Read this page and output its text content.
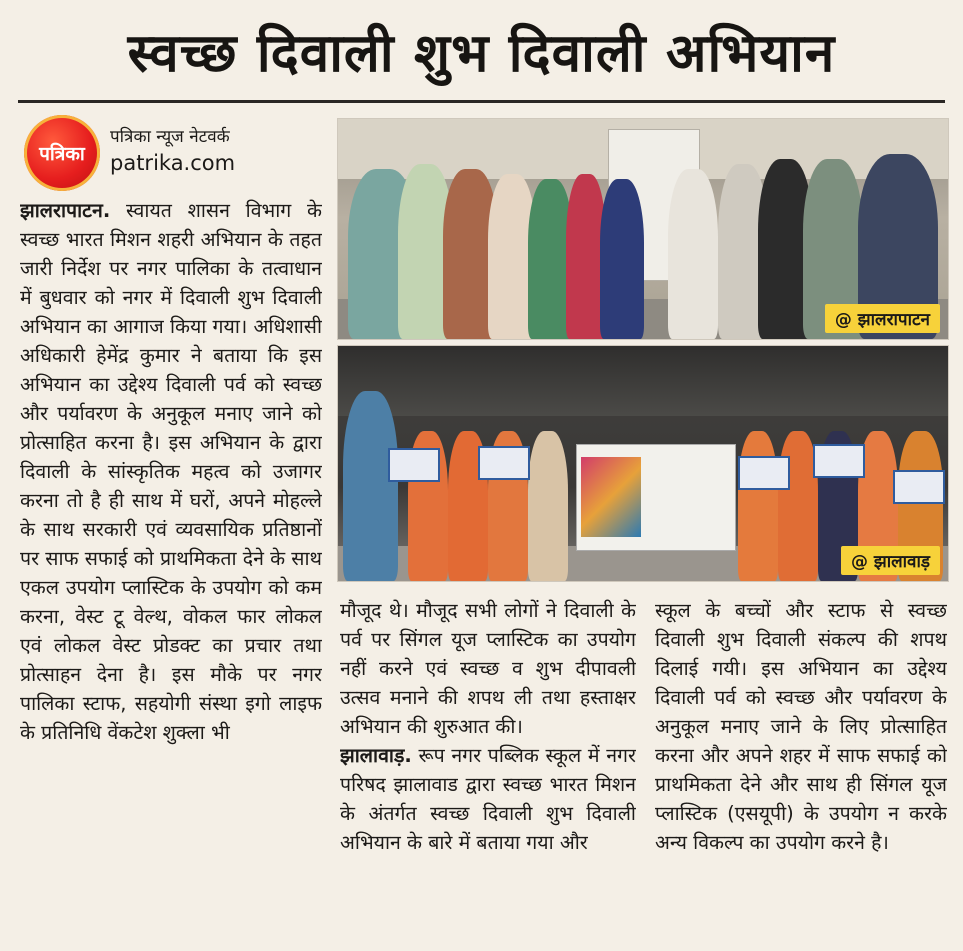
स्वच्छ दिवाली शुभ दिवाली अभियान
पत्रिका
पत्रिका न्यूज नेटवर्क
patrika.com

झालरापाटन. स्वायत शासन विभाग के स्वच्छ भारत मिशन शहरी अभियान के तहत जारी निर्देश पर नगर पालिका के तत्वाधान में बुधवार को नगर में दिवाली शुभ दिवाली अभियान का आगाज किया गया। अधिशासी अधिकारी हेमेंद्र कुमार ने बताया कि इस अभियान का उद्देश्य दिवाली पर्व को स्वच्छ और पर्यावरण के अनुकूल मनाए जाने को प्रोत्साहित करना है। इस अभियान के द्वारा दिवाली के सांस्कृतिक महत्व को उजागर करना तो है ही साथ में घरों, अपने मोहल्ले के साथ सरकारी एवं व्यवसायिक प्रतिष्ठानों पर साफ सफाई को प्राथमिकता देने के साथ एकल उपयोग प्लास्टिक के उपयोग को कम करना, वेस्ट टू वेल्थ, वोकल फार लोकल एवं लोकल वेस्ट प्रोडक्ट का प्रचार तथा प्रोत्साहन देना है। इस मौके पर नगर पालिका स्टाफ, सहयोगी संस्था इगो लाइफ के प्रतिनिधि वेंकटेश शुक्ला भी

@ झालरापाटन
@ झालावाड़

मौजूद थे। मौजूद सभी लोगों ने दिवाली के पर्व पर सिंगल यूज प्लास्टिक का उपयोग नहीं करने एवं स्वच्छ व शुभ दीपावली उत्सव मनाने की शपथ ली तथा हस्ताक्षर अभियान की शुरुआत की।

झालावाड़. रूप नगर पब्लिक स्कूल में नगर परिषद झालावाड द्वारा स्वच्छ भारत मिशन के अंतर्गत स्वच्छ दिवाली शुभ दिवाली अभियान के बारे में बताया गया और

स्कूल के बच्चों और स्टाफ से स्वच्छ दिवाली शुभ दिवाली संकल्प की शपथ दिलाई गयी। इस अभियान का उद्देश्य दिवाली पर्व को स्वच्छ और पर्यावरण के अनुकूल मनाए जाने के लिए प्रोत्साहित करना और अपने शहर में साफ सफाई को प्राथमिकता देने और साथ ही सिंगल यूज प्लास्टिक (एसयूपी) के उपयोग न करके अन्य विकल्प का उपयोग करने है।
